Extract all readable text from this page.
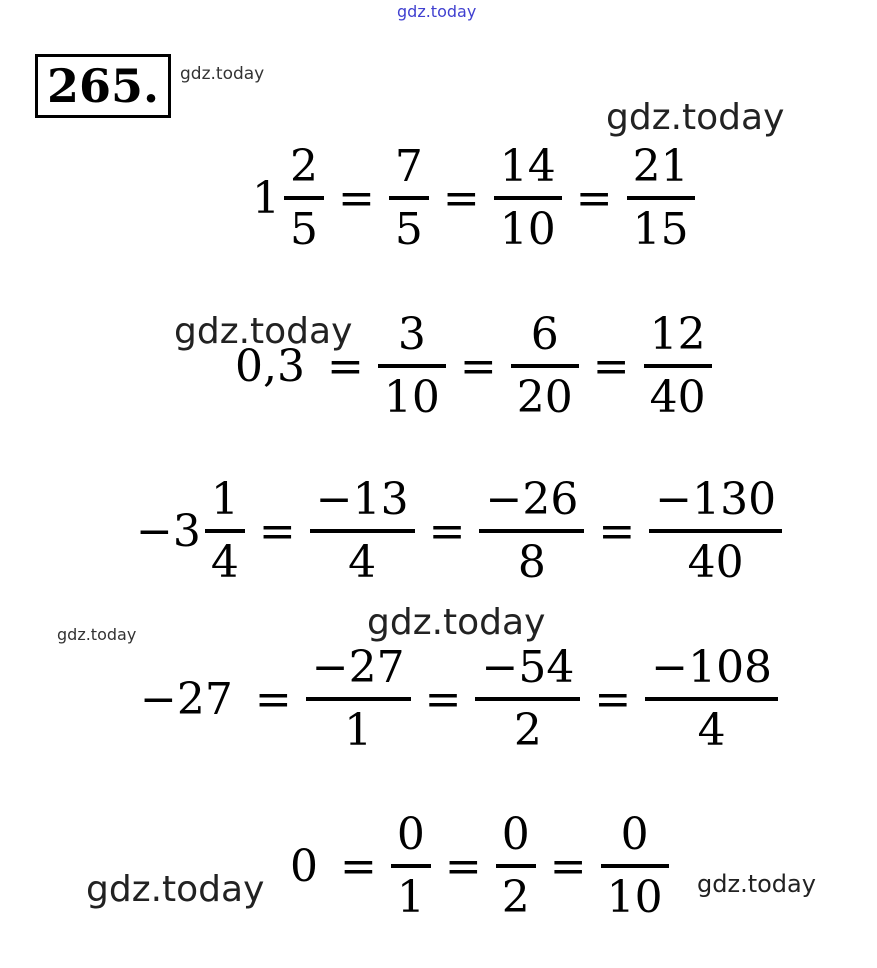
gdz.today
gdz.today
gdz.today
gdz.today
gdz.today	gdz.today
gdz.today	gdz.today
265.
$1 \frac{2}{5} = \frac{7}{5} = \frac{14}{10} = \frac{21}{15}$
$0,3 = \frac{3}{10} = \frac{6}{20} = \frac{12}{40}$
$-3 \frac{1}{4} = \frac{-13}{4} = \frac{-26}{8} = \frac{-130}{40}$
$-27 = \frac{-27}{1} = \frac{-54}{2} = \frac{-108}{4}$
$0 = \frac{0}{1} = \frac{0}{2} = \frac{0}{10}$
